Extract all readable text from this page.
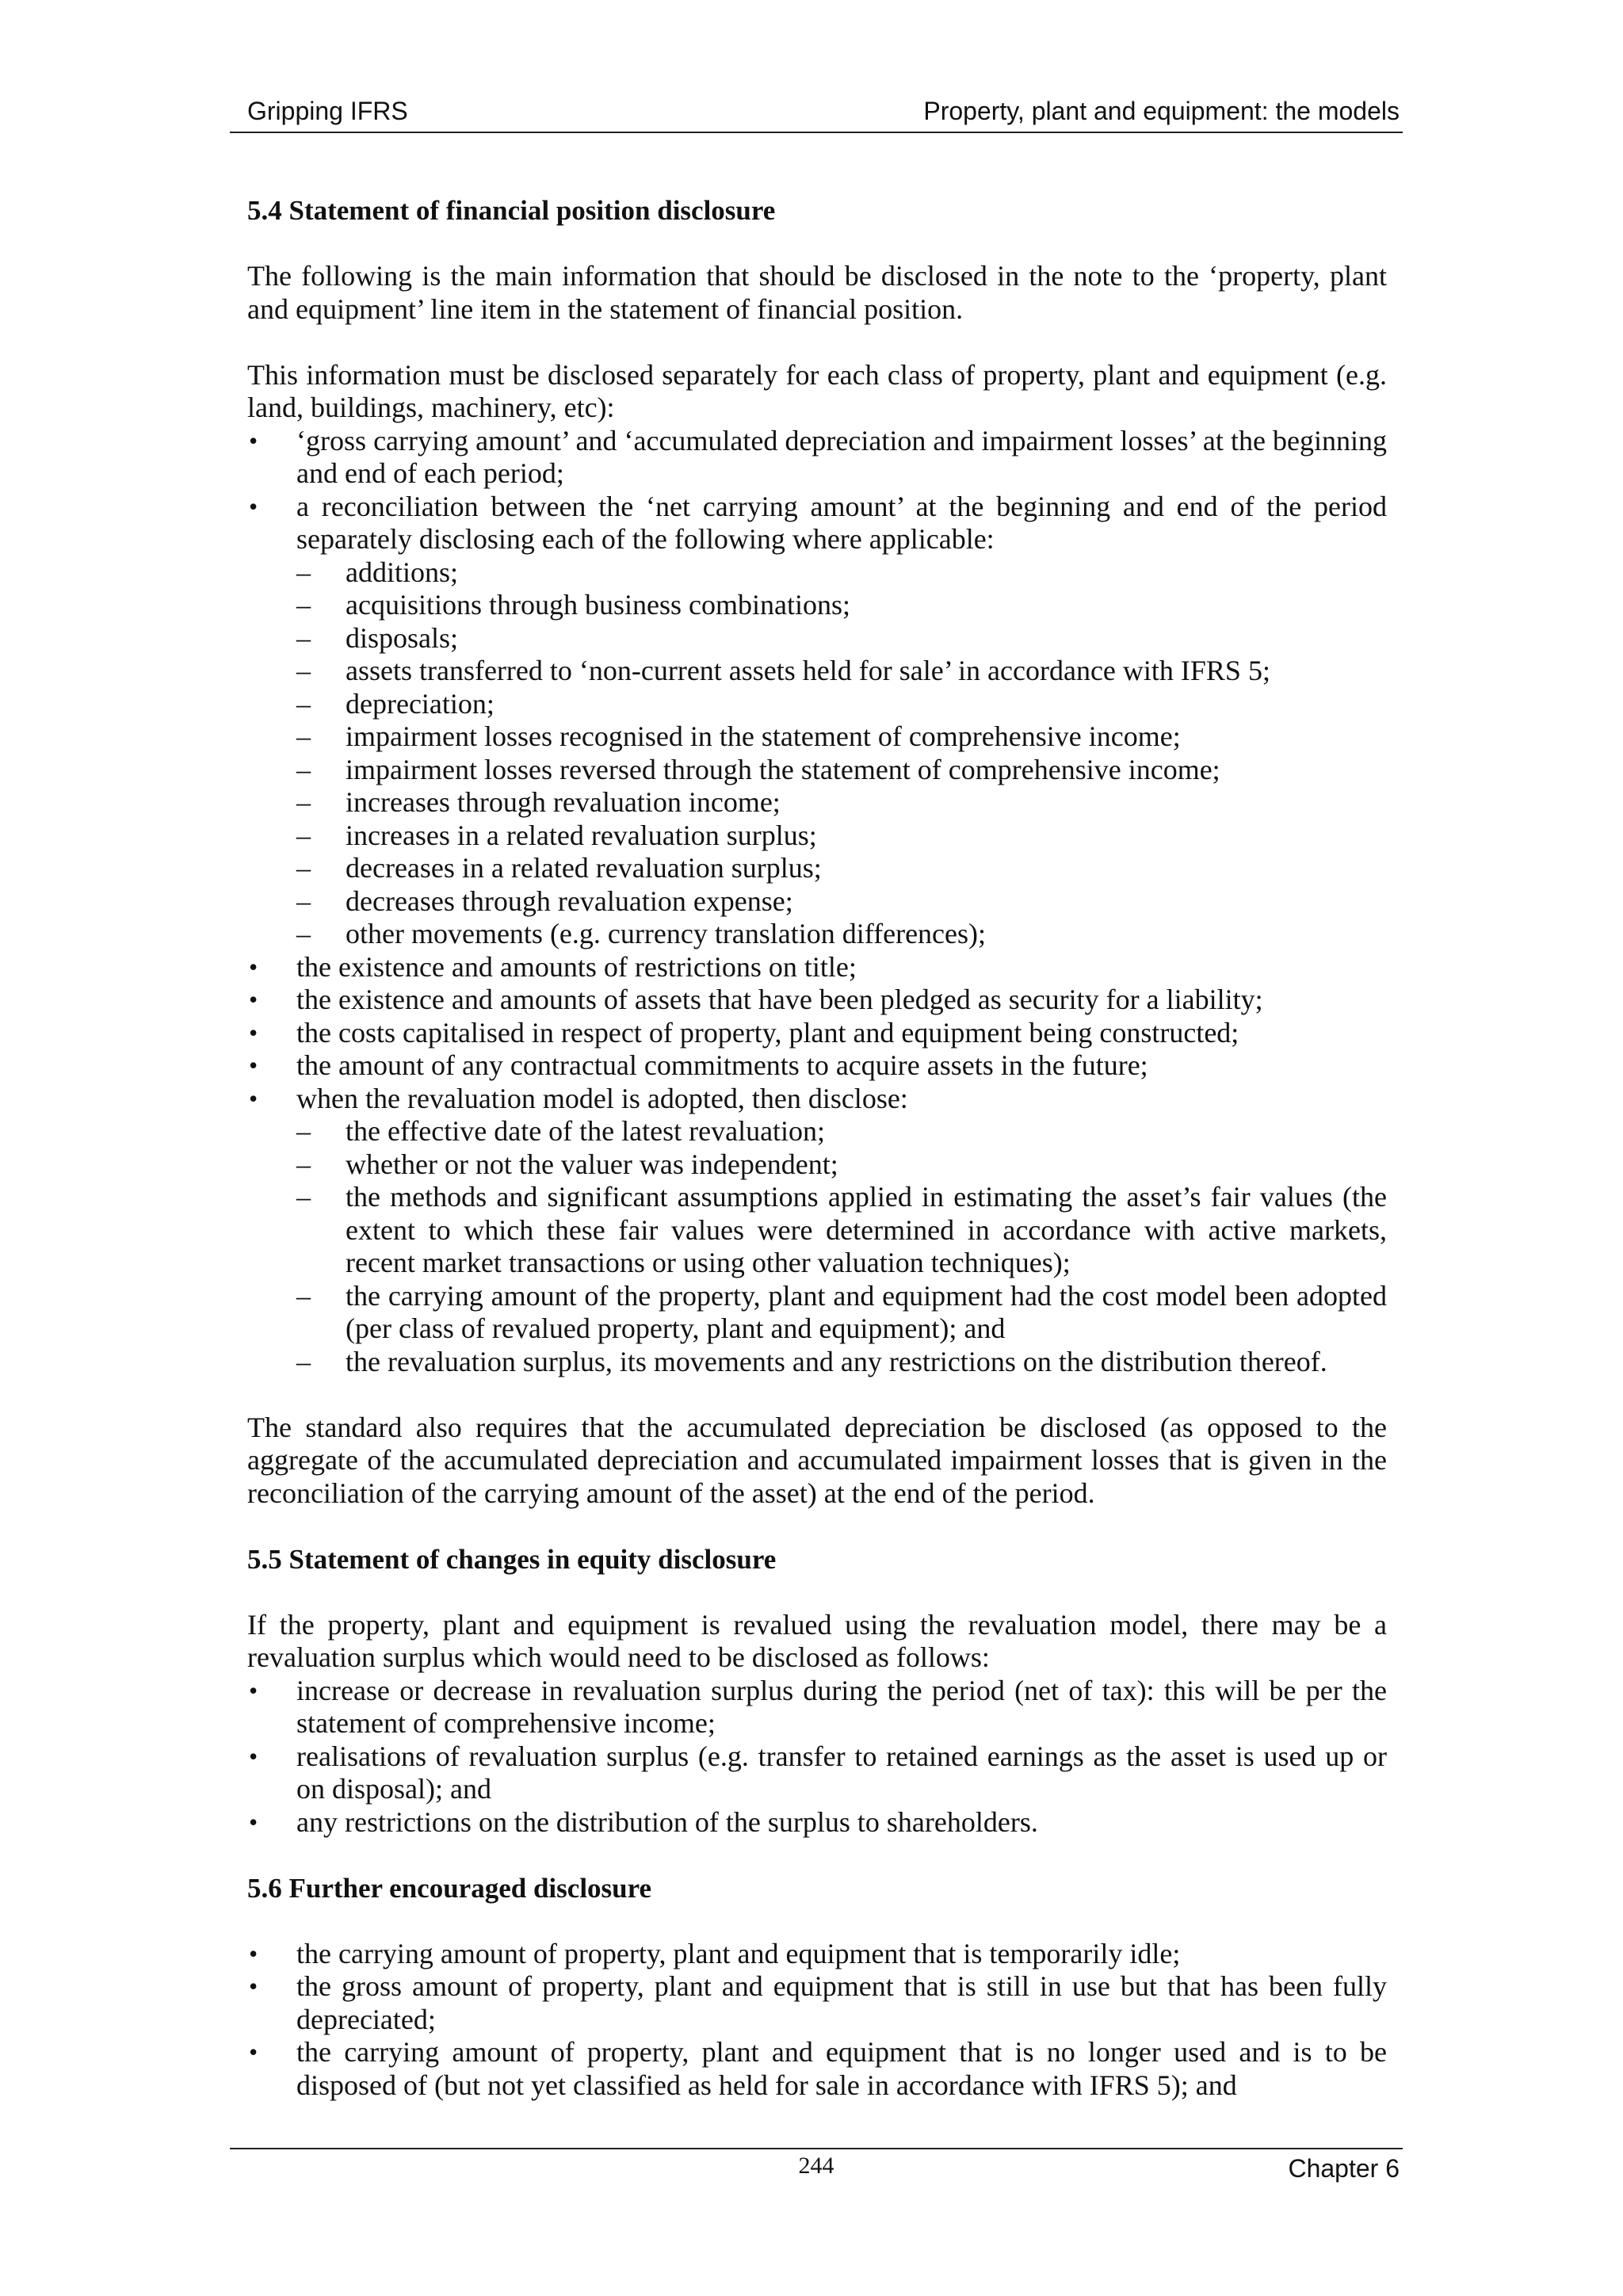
Gripping IFRS	Property, plant and equipment: the models
5.4 Statement of financial position disclosure

The following is the main information that should be disclosed in the note to the ‘property, plant and equipment’ line item in the statement of financial position.

This information must be disclosed separately for each class of property, plant and equipment (e.g. land, buildings, machinery, etc):

• ‘gross carrying amount’ and ‘accumulated depreciation and impairment losses’ at the beginning and end of each period;
• a reconciliation between the ‘net carrying amount’ at the beginning and end of the period separately disclosing each of the following where applicable:
– additions;
– acquisitions through business combinations;
– disposals;
– assets transferred to ‘non-current assets held for sale’ in accordance with IFRS 5;
– depreciation;
– impairment losses recognised in the statement of comprehensive income;
– impairment losses reversed through the statement of comprehensive income;
– increases through revaluation income;
– increases in a related revaluation surplus;
– decreases in a related revaluation surplus;
– decreases through revaluation expense;
– other movements (e.g. currency translation differences);
• the existence and amounts of restrictions on title;
• the existence and amounts of assets that have been pledged as security for a liability;
• the costs capitalised in respect of property, plant and equipment being constructed;
• the amount of any contractual commitments to acquire assets in the future;
• when the revaluation model is adopted, then disclose:
– the effective date of the latest revaluation;
– whether or not the valuer was independent;
– the methods and significant assumptions applied in estimating the asset’s fair values (the extent to which these fair values were determined in accordance with active markets, recent market transactions or using other valuation techniques);
– the carrying amount of the property, plant and equipment had the cost model been adopted (per class of revalued property, plant and equipment); and
– the revaluation surplus, its movements and any restrictions on the distribution thereof.

The standard also requires that the accumulated depreciation be disclosed (as opposed to the aggregate of the accumulated depreciation and accumulated impairment losses that is given in the reconciliation of the carrying amount of the asset) at the end of the period.

5.5 Statement of changes in equity disclosure

If the property, plant and equipment is revalued using the revaluation model, there may be a revaluation surplus which would need to be disclosed as follows:

• increase or decrease in revaluation surplus during the period (net of tax): this will be per the statement of comprehensive income;
• realisations of revaluation surplus (e.g. transfer to retained earnings as the asset is used up or on disposal); and
• any restrictions on the distribution of the surplus to shareholders.
5.6 Further encouraged disclosure
• the carrying amount of property, plant and equipment that is temporarily idle;
• the gross amount of property, plant and equipment that is still in use but that has been fully depreciated;
• the carrying amount of property, plant and equipment that is no longer used and is to be disposed of (but not yet classified as held for sale in accordance with IFRS 5); and
244	Chapter 6
